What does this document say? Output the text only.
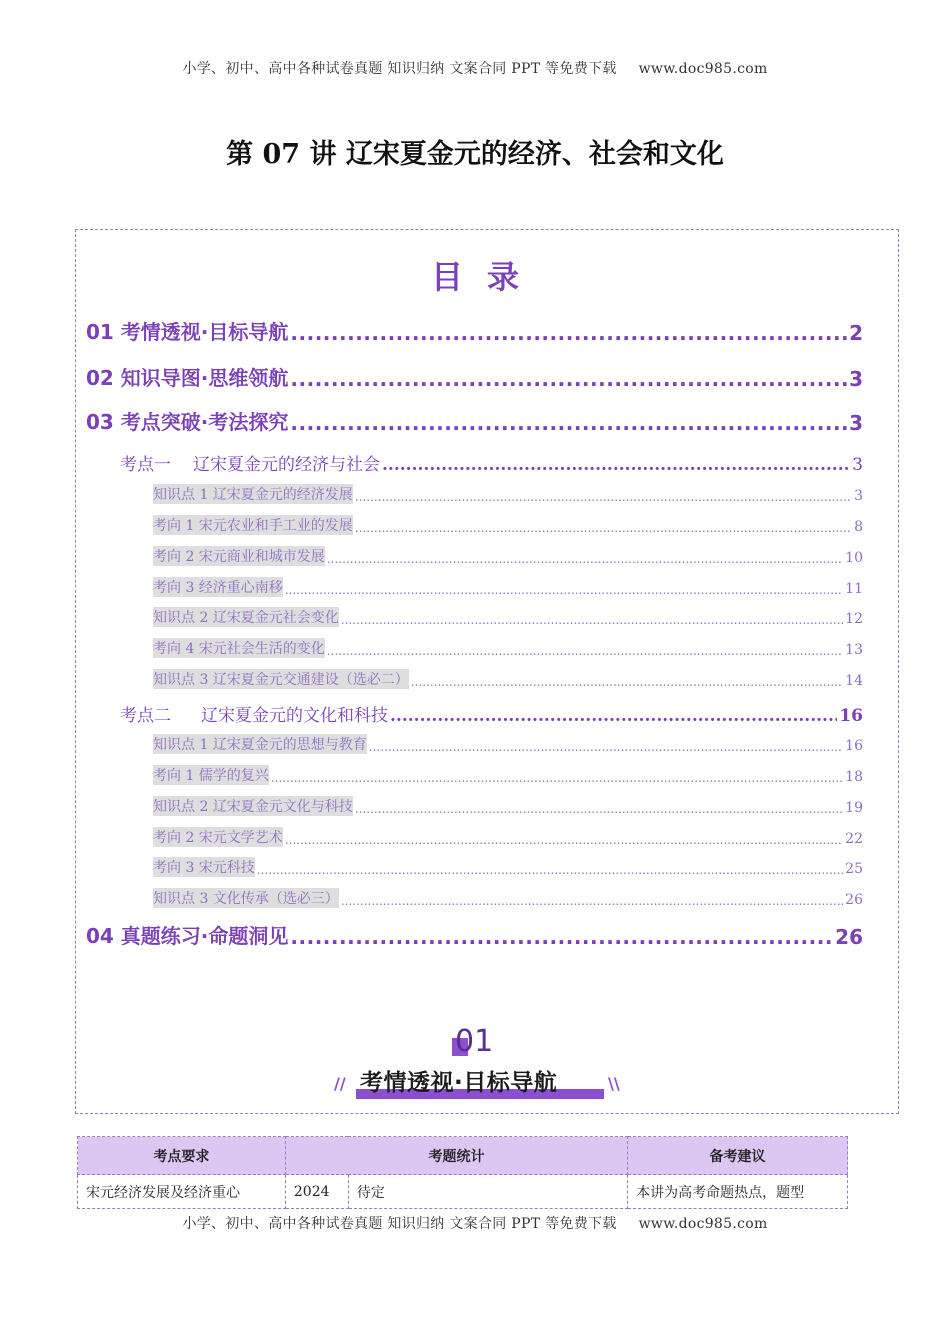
小学、初中、高中各种试卷真题 知识归纳 文案合同 PPT 等免费下载 www.doc985.com
第 07 讲 辽宋夏金元的经济、社会和文化
目录
01 考情透视·目标导航 .....	2
02 知识导图·思维领航 .....	3
03 考点突破·考法探究 .....	3
考点一 辽宋夏金元的经济与社会 .....	3
知识点 1 辽宋夏金元的经济发展 .....	3
考向 1 宋元农业和手工业的发展 .....	8
考向 2 宋元商业和城市发展 .....	10
考向 3 经济重心南移 .....	11
知识点 2 辽宋夏金元社会变化 .....	12
考向 4 宋元社会生活的变化 .....	13
知识点 3 辽宋夏金元交通建设（选必二） .....	14
考点二 辽宋夏金元的文化和科技 .....	16
知识点 1 辽宋夏金元的思想与教育 .....	16
考向 1 儒学的复兴 .....	18
知识点 2 辽宋夏金元文化与科技 .....	19
考向 2 宋元文学艺术 .....	22
考向 3 宋元科技 .....	25
知识点 3 文化传承（选必三） .....	26
04 真题练习·命题洞见 .....	26
01
考情透视·目标导航
//	\\
考点要求	考题统计		备考建议
宋元经济发展及经济重心	2024	待定	本讲为高考命题热点，题型
小学、初中、高中各种试卷真题 知识归纳 文案合同 PPT 等免费下载 www.doc985.com
